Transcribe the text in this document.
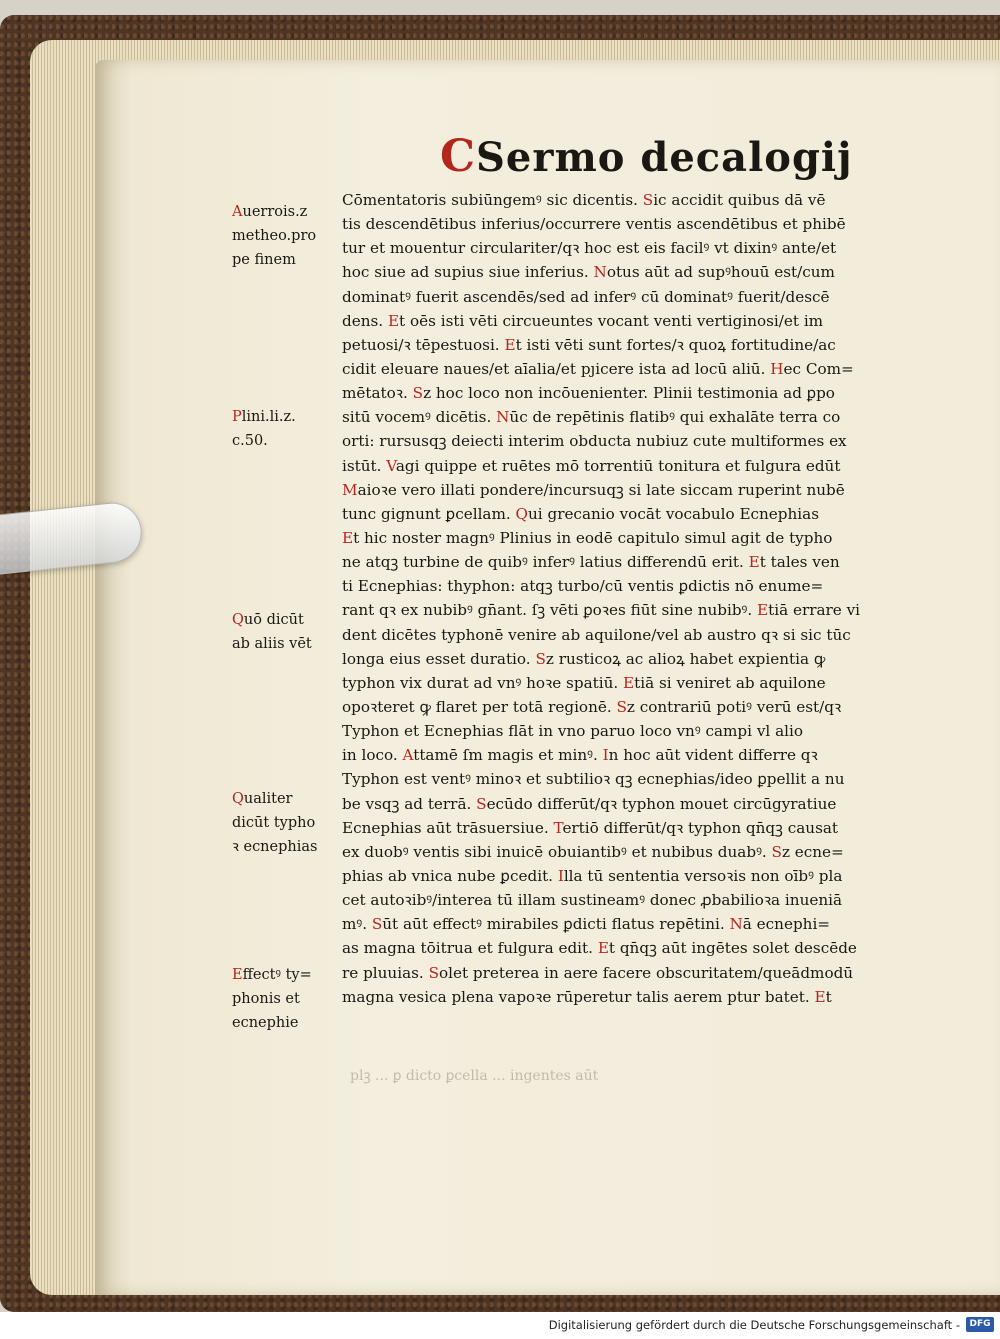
CSermo decalogij
Cōmentatoris subiūngemꝰ sic dicentis. Sic accidit quibus dā vē
tis descendētibus inferius/occurrere ventis ascendētibus et phibē
tur et mouentur circulariter/qꝛ hoc est eis facilꝰ vt dixinꝰ ante/et
hoc siue ad supius siue inferius. Notus aūt ad supꝰhouū est/cum
dominatꝰ fuerit ascendēs/sed ad inferꝰ cū dominatꝰ fuerit/descē
dens. Et oēs isti vēti circueuntes vocant venti vertiginosi/et im
petuosi/ꝛ tēpestuosi. Et isti vēti sunt fortes/ꝛ quoꝝ fortitudine/ac
cidit eleuare naues/et aīalia/et pȷicere ista ad locū aliū. Hec Com=
mētatoꝛ. Sz hoc loco non incōuenienter. Plinii testimonia ad ꝑpo
sitū vocemꝰ dicētis. Nūc de repētinis flatibꝰ qui exhalāte terra co
orti: rursusqꝫ deiecti interim obducta nubiuz cute multiformes ex
istūt. Vagi quippe et ruētes mō torrentiū tonitura et fulgura edūt
Maioꝛe vero illati pondere/incursuqꝫ si late siccam ruperint nubē
tunc gignunt ꝑcellam. Qui grecanio vocāt vocabulo Ecnephias
Et hic noster magnꝰ Plinius in eodē capitulo simul agit de typho
ne atqꝫ turbine de quibꝰ inferꝰ latius differendū erit. Et tales ven
ti Ecnephias: thyphon: atqꝫ turbo/cū ventis ꝑdictis nō enume=
rant qꝛ ex nubibꝰ gn̄ant. ſꝫ vēti ꝑoꝛes fiūt sine nubibꝰ. Etiā errare vi
dent dicētes typhonē venire ab aquilone/vel ab austro qꝛ si sic tūc
longa eius esset duratio. Sz rusticoꝝ ac alioꝝ habet expientia ꝙ
typhon vix durat ad vnꝰ hoꝛe spatiū. Etiā si veniret ab aquilone
opoꝛteret ꝙ flaret per totā regionē. Sz contrariū potiꝰ verū est/qꝛ
Typhon et Ecnephias flāt in vno paruo loco vnꝰ campi vl alio
in loco. Attamē ſm magis et minꝰ. In hoc aūt vident differre qꝛ
Typhon est ventꝰ minoꝛ et subtilioꝛ qꝫ ecnephias/ideo ꝑpellit a nu
be vsqꝫ ad terrā. Secūdo differūt/qꝛ typhon mouet circūgyratiue
Ecnephias aūt trāsuersiue. Tertiō differūt/qꝛ typhon qn̄qꝫ causat
ex duobꝰ ventis sibi inuicē obuiantibꝰ et nubibus duabꝰ. Sz ecne=
phias ab vnica nube ꝑcedit. Illa tū sententia versoꝛis non oībꝰ pla
cet autoꝛibꝰ/interea tū illam sustineamꝰ donec ꝓbabilioꝛa inueniā
mꝰ. Sūt aūt effectꝰ mirabiles ꝑdicti flatus repētini. Nā ecnephi=
as magna tōitrua et fulgura edit. Et qn̄qꝫ aūt ingētes solet descēde
re pluuias. Solet preterea in aere facere obscuritatem/queādmodū
magna vesica plena vapoꝛe rūperetur talis aerem ptur batet. Et
Auerrois.z
metheo.pro
pe finem
Plini.li.z.
c.50.
Quō dicūt
ab aliis vēt
Qualiter
dicūt typho
ꝛ ecnephias
Effectꝰ ty=
phonis et
ecnephie
plꝫ ... ꝑ dicto ꝑcella ... ingentes aūt
Digitalisierung gefördert durch die Deutsche Forschungsgemeinschaft -	DFG
